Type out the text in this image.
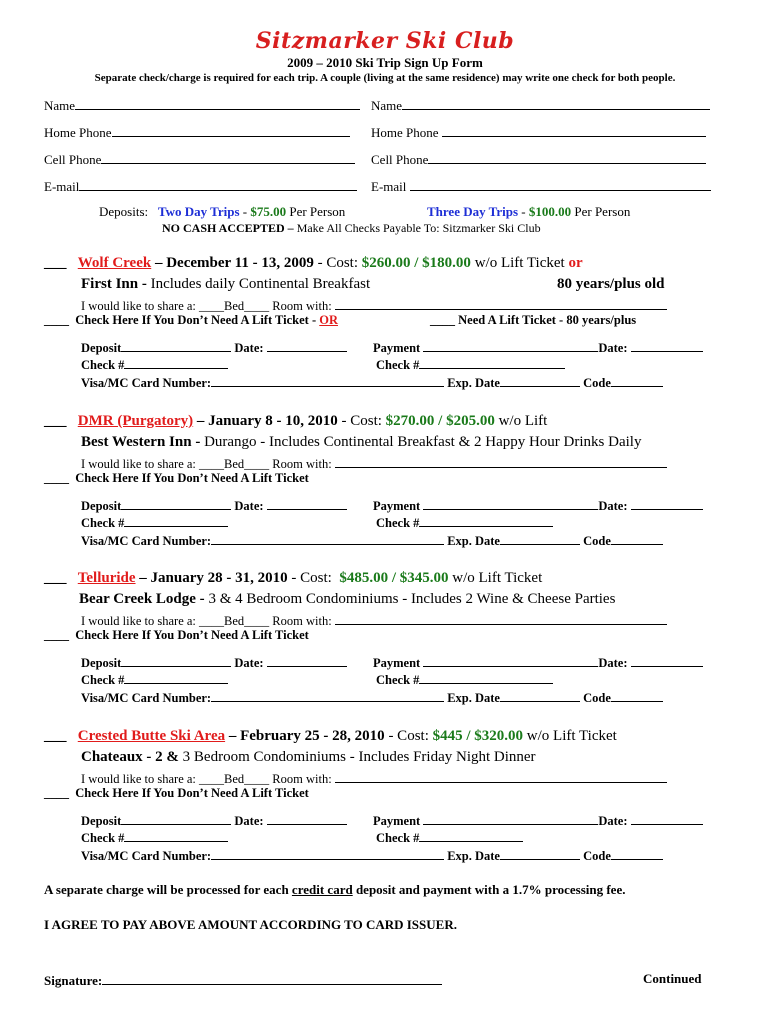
Sitzmarker Ski Club
2009 – 2010 Ski Trip Sign Up Form
Separate check/charge is required for each trip. A couple (living at the same residence) may write one check for both people.
Name	Name
Home Phone	Home Phone
Cell Phone	Cell Phone
E-mail	E-mail
Deposits: Two Day Trips - $75.00 Per Person	Three Day Trips - $100.00 Per Person
NO CASH ACCEPTED – Make All Checks Payable To: Sitzmarker Ski Club
___ Wolf Creek – December 11 - 13, 2009 - Cost: $260.00 / $180.00 w/o Lift Ticket or
First Inn - Includes daily Continental Breakfast	80 years/plus old
I would like to share a: ____Bed____ Room with:
____ Check Here If You Don’t Need A Lift Ticket - OR	____ Need A Lift Ticket - 80 years/plus
Deposit	Date:	Payment	Date:
Check #	Check #
Visa/MC Card Number:	Exp. Date	Code
___ DMR (Purgatory) – January 8 - 10, 2010 - Cost: $270.00 / $205.00 w/o Lift
Best Western Inn - Durango - Includes Continental Breakfast & 2 Happy Hour Drinks Daily
I would like to share a: ____Bed____ Room with:
____ Check Here If You Don’t Need A Lift Ticket
Deposit	Date:	Payment	Date:
Check #	Check #
Visa/MC Card Number:	Exp. Date	Code
___ Telluride – January 28 - 31, 2010 - Cost: $485.00 / $345.00 w/o Lift Ticket
Bear Creek Lodge - 3 & 4 Bedroom Condominiums - Includes 2 Wine & Cheese Parties
I would like to share a: ____Bed____ Room with:
____ Check Here If You Don’t Need A Lift Ticket
Deposit	Date:	Payment	Date:
Check #	Check #
Visa/MC Card Number:	Exp. Date	Code
___ Crested Butte Ski Area – February 25 - 28, 2010 - Cost: $445 / $320.00 w/o Lift Ticket
Chateaux - 2 & 3 Bedroom Condominiums - Includes Friday Night Dinner
I would like to share a: ____Bed____ Room with:
____ Check Here If You Don’t Need A Lift Ticket
Deposit	Date:	Payment	Date:
Check #	Check #
Visa/MC Card Number:	Exp. Date	Code
A separate charge will be processed for each credit card deposit and payment with a 1.7% processing fee.
I AGREE TO PAY ABOVE AMOUNT ACCORDING TO CARD ISSUER.
Signature:	Continued
